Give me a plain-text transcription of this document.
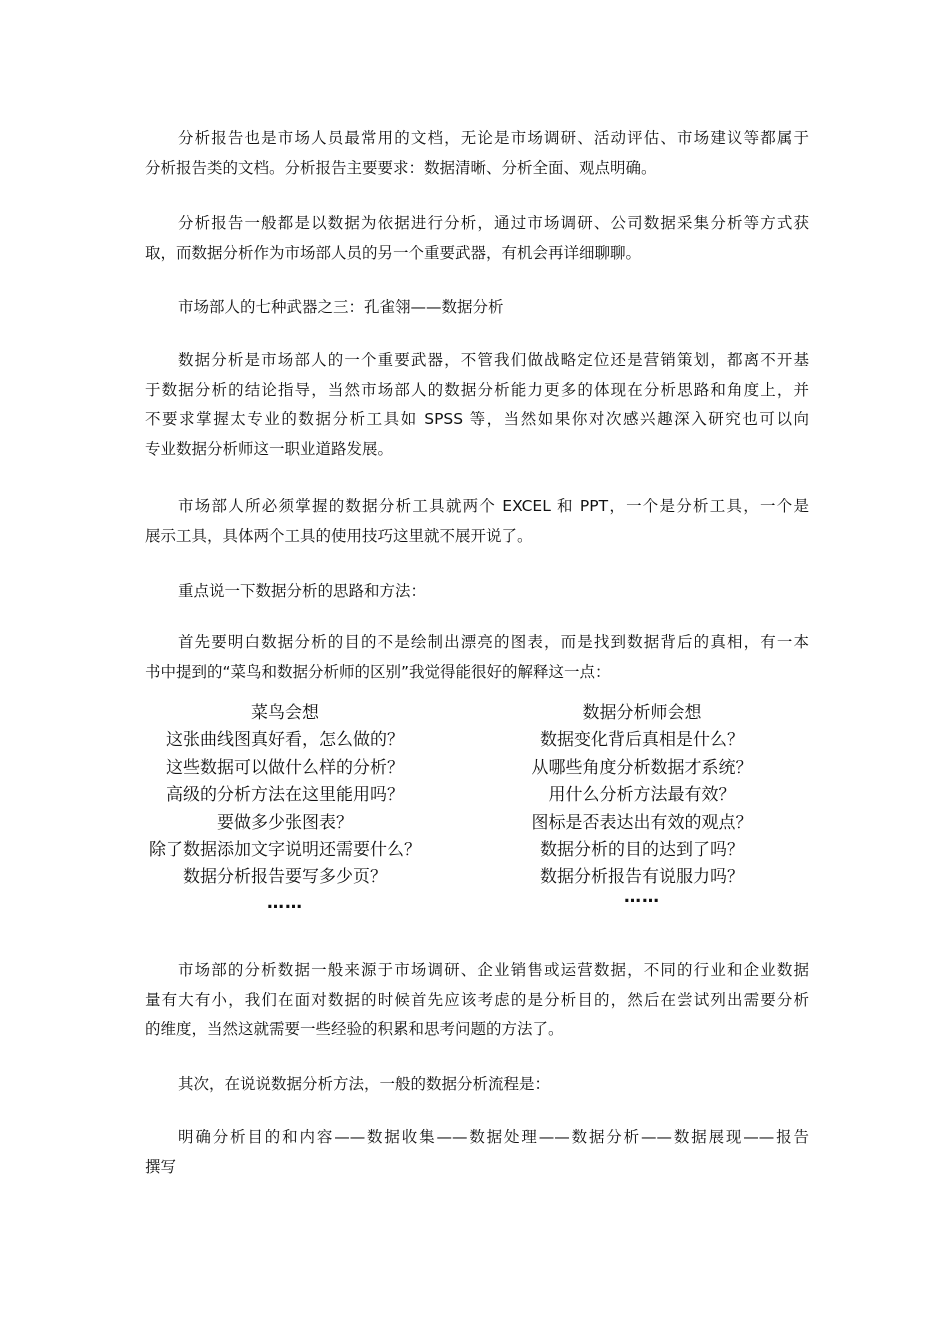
分析报告也是市场人员最常用的文档，无论是市场调研、活动评估、市场建议等都属于
分析报告类的文档。分析报告主要要求：数据清晰、分析全面、观点明确。
分析报告一般都是以数据为依据进行分析，通过市场调研、公司数据采集分析等方式获
取，而数据分析作为市场部人员的另一个重要武器，有机会再详细聊聊。
市场部人的七种武器之三：孔雀翎——数据分析
数据分析是市场部人的一个重要武器，不管我们做战略定位还是营销策划，都离不开基
于数据分析的结论指导，当然市场部人的数据分析能力更多的体现在分析思路和角度上，并
不要求掌握太专业的数据分析工具如 SPSS 等，当然如果你对次感兴趣深入研究也可以向
专业数据分析师这一职业道路发展。
市场部人所必须掌握的数据分析工具就两个 EXCEL 和 PPT，一个是分析工具，一个是
展示工具，具体两个工具的使用技巧这里就不展开说了。
重点说一下数据分析的思路和方法：
首先要明白数据分析的目的不是绘制出漂亮的图表，而是找到数据背后的真相，有一本
书中提到的“菜鸟和数据分析师的区别”我觉得能很好的解释这一点：
菜鸟会想
这张曲线图真好看，怎么做的？
这些数据可以做什么样的分析？
高级的分析方法在这里能用吗？
要做多少张图表？
除了数据添加文字说明还需要什么？
数据分析报告要写多少页？
……
数据分析师会想
数据变化背后真相是什么？
从哪些角度分析数据才系统？
用什么分析方法最有效？
图标是否表达出有效的观点？
数据分析的目的达到了吗？
数据分析报告有说服力吗？
……
市场部的分析数据一般来源于市场调研、企业销售或运营数据，不同的行业和企业数据
量有大有小，我们在面对数据的时候首先应该考虑的是分析目的，然后在尝试列出需要分析
的维度，当然这就需要一些经验的积累和思考问题的方法了。
其次，在说说数据分析方法，一般的数据分析流程是：
明确分析目的和内容——数据收集——数据处理——数据分析——数据展现——报告
撰写
